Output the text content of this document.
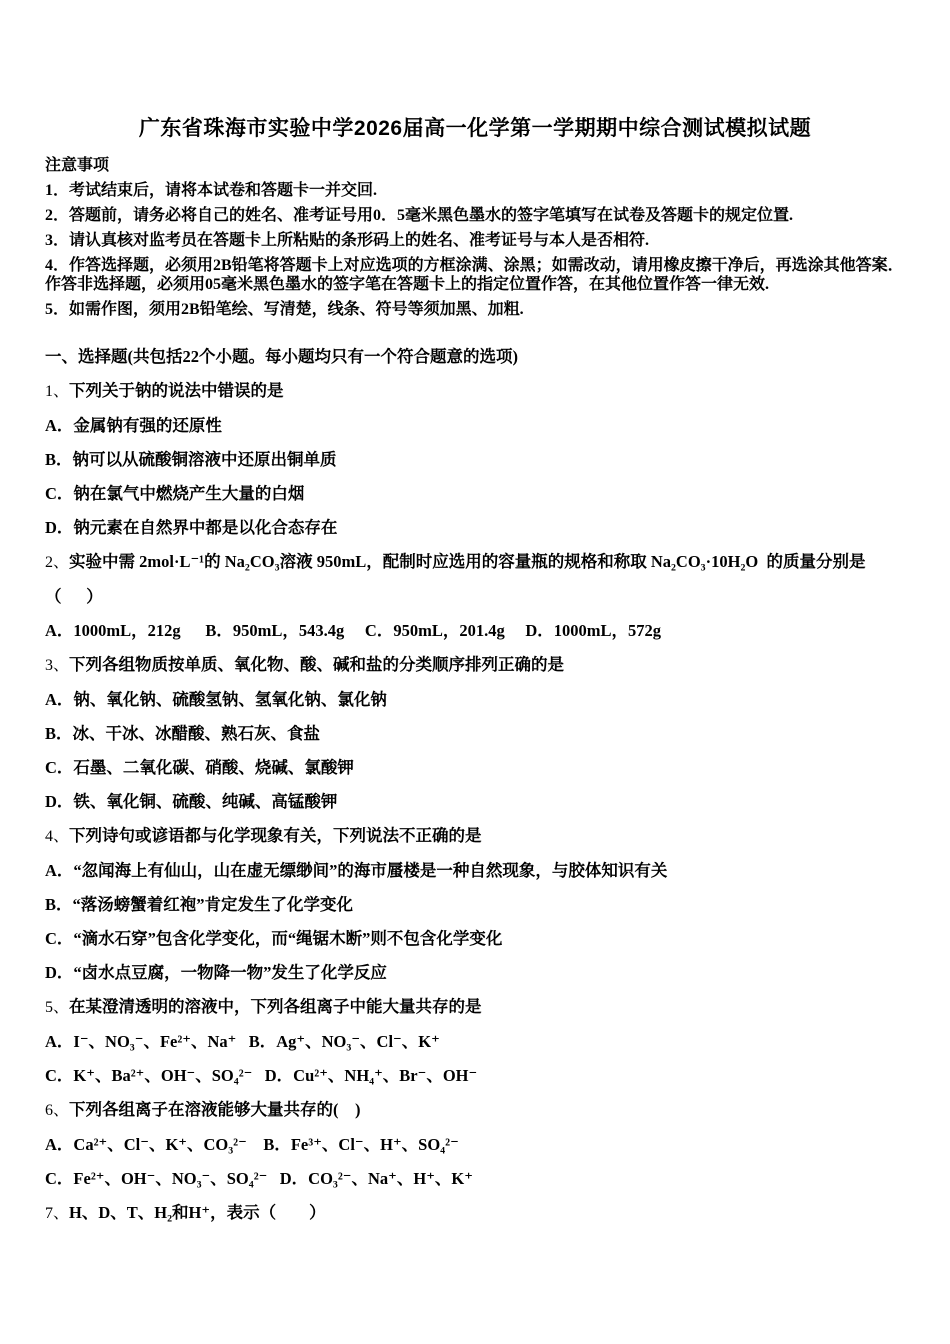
广东省珠海市实验中学2026届高一化学第一学期期中综合测试模拟试题

注意事项

1．考试结束后，请将本试卷和答题卡一并交回.

2．答题前，请务必将自己的姓名、准考证号用0．5毫米黑色墨水的签字笔填写在试卷及答题卡的规定位置.

3．请认真核对监考员在答题卡上所粘贴的条形码上的姓名、准考证号与本人是否相符.

4．作答选择题，必须用2B铅笔将答题卡上对应选项的方框涂满、涂黑；如需改动，请用橡皮擦干净后，再选涂其他答案．作答非选择题，必须用05毫米黑色墨水的签字笔在答题卡上的指定位置作答，在其他位置作答一律无效.

5．如需作图，须用2B铅笔绘、写清楚，线条、符号等须加黑、加粗.

一、选择题(共包括22个小题。每小题均只有一个符合题意的选项)

1、下列关于钠的说法中错误的是

A．金属钠有强的还原性

B．钠可以从硫酸铜溶液中还原出铜单质

C．钠在氯气中燃烧产生大量的白烟

D．钠元素在自然界中都是以化合态存在

2、实验中需 2mol·L⁻¹的 Na₂CO₃溶液 950mL，配制时应选用的容量瓶的规格和称取 Na₂CO₃·10H₂O  的质量分别是

（      ）

A．1000mL，212g      B．950mL，543.4g     C．950mL，201.4g     D．1000mL，572g

3、下列各组物质按单质、氧化物、酸、碱和盐的分类顺序排列正确的是

A．钠、氧化钠、硫酸氢钠、氢氧化钠、氯化钠

B．冰、干冰、冰醋酸、熟石灰、食盐

C．石墨、二氧化碳、硝酸、烧碱、氯酸钾

D．铁、氧化铜、硫酸、纯碱、高锰酸钾

4、下列诗句或谚语都与化学现象有关，下列说法不正确的是

A．“忽闻海上有仙山，山在虚无缥缈间”的海市蜃楼是一种自然现象，与胶体知识有关

B．“落汤螃蟹着红袍”肯定发生了化学变化

C．“滴水石穿”包含化学变化，而“绳锯木断”则不包含化学变化

D．“卤水点豆腐，一物降一物”发生了化学反应

5、在某澄清透明的溶液中，下列各组离子中能大量共存的是

A．I⁻、NO₃⁻、Fe²⁺、Na⁺   B．Ag⁺、NO₃⁻、Cl⁻、K⁺

C．K⁺、Ba²⁺、OH⁻、SO₄²⁻   D．Cu²⁺、NH₄⁺、Br⁻、OH⁻

6、下列各组离子在溶液能够大量共存的(　)

A．Ca²⁺、Cl⁻、K⁺、CO₃²⁻    B．Fe³⁺、Cl⁻、H⁺、SO₄²⁻

C．Fe²⁺、OH⁻、NO₃⁻、SO₄²⁻   D．CO₃²⁻、Na⁺、H⁺、K⁺

7、H、D、T、H₂和H⁺，表示（        ）
